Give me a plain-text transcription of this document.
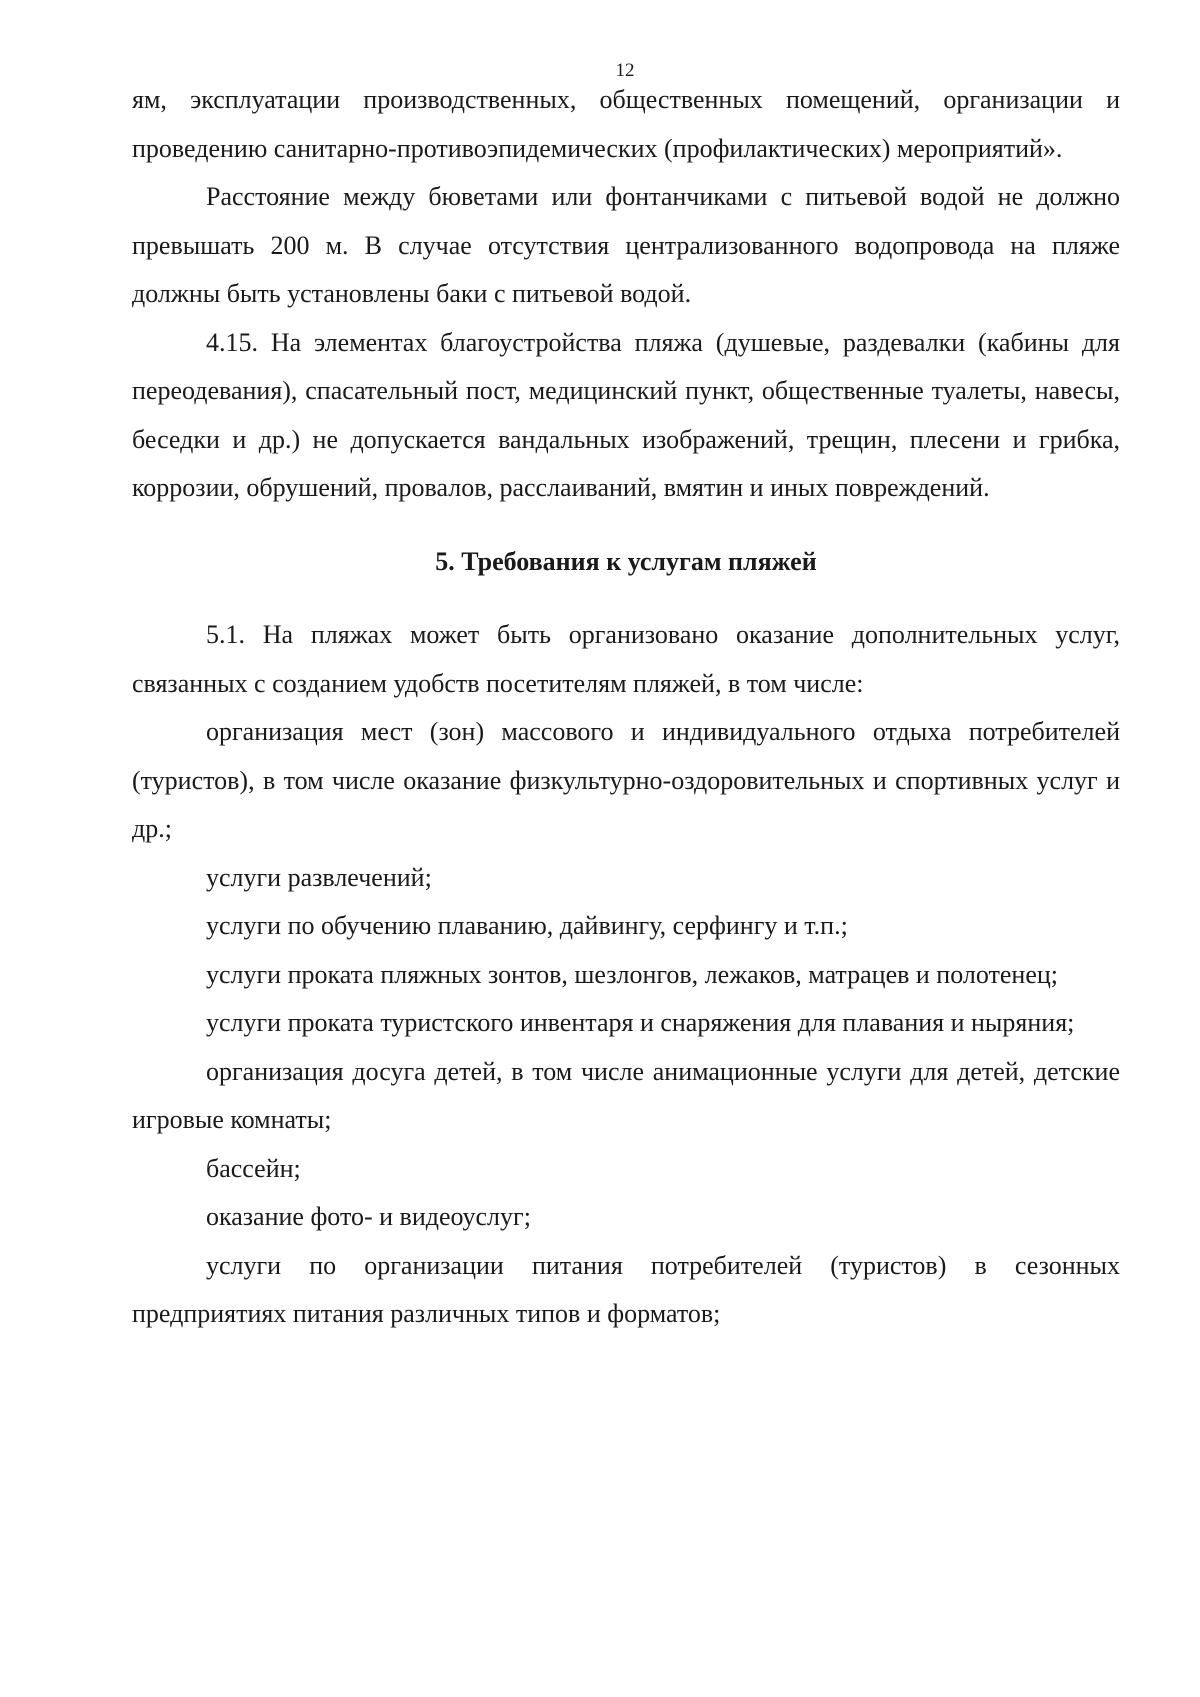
12

ям, эксплуатации производственных, общественных помещений, организации и проведению санитарно-противоэпидемических (профилактических) мероприятий».

Расстояние между бюветами или фонтанчиками с питьевой водой не должно превышать 200 м. В случае отсутствия централизованного водопровода на пляже должны быть установлены баки с питьевой водой.

4.15. На элементах благоустройства пляжа (душевые, раздевалки (кабины для переодевания), спасательный пост, медицинский пункт, общественные туалеты, навесы, беседки и др.) не допускается вандальных изображений, трещин, плесени и грибка, коррозии, обрушений, провалов, расслаиваний, вмятин и иных повреждений.

5. Требования к услугам пляжей

5.1. На пляжах может быть организовано оказание дополнительных услуг, связанных с созданием удобств посетителям пляжей, в том числе:

организация мест (зон) массового и индивидуального отдыха потребителей (туристов), в том числе оказание физкультурно-оздоровительных и спортивных услуг и др.;

услуги развлечений;

услуги по обучению плаванию, дайвингу, серфингу и т.п.;

услуги проката пляжных зонтов, шезлонгов, лежаков, матрацев и полотенец;

услуги проката туристского инвентаря и снаряжения для плавания и ныряния;

организация досуга детей, в том числе анимационные услуги для детей, детские игровые комнаты;

бассейн;

оказание фото- и видеоуслуг;

услуги по организации питания потребителей (туристов) в сезонных предприятиях питания различных типов и форматов;
